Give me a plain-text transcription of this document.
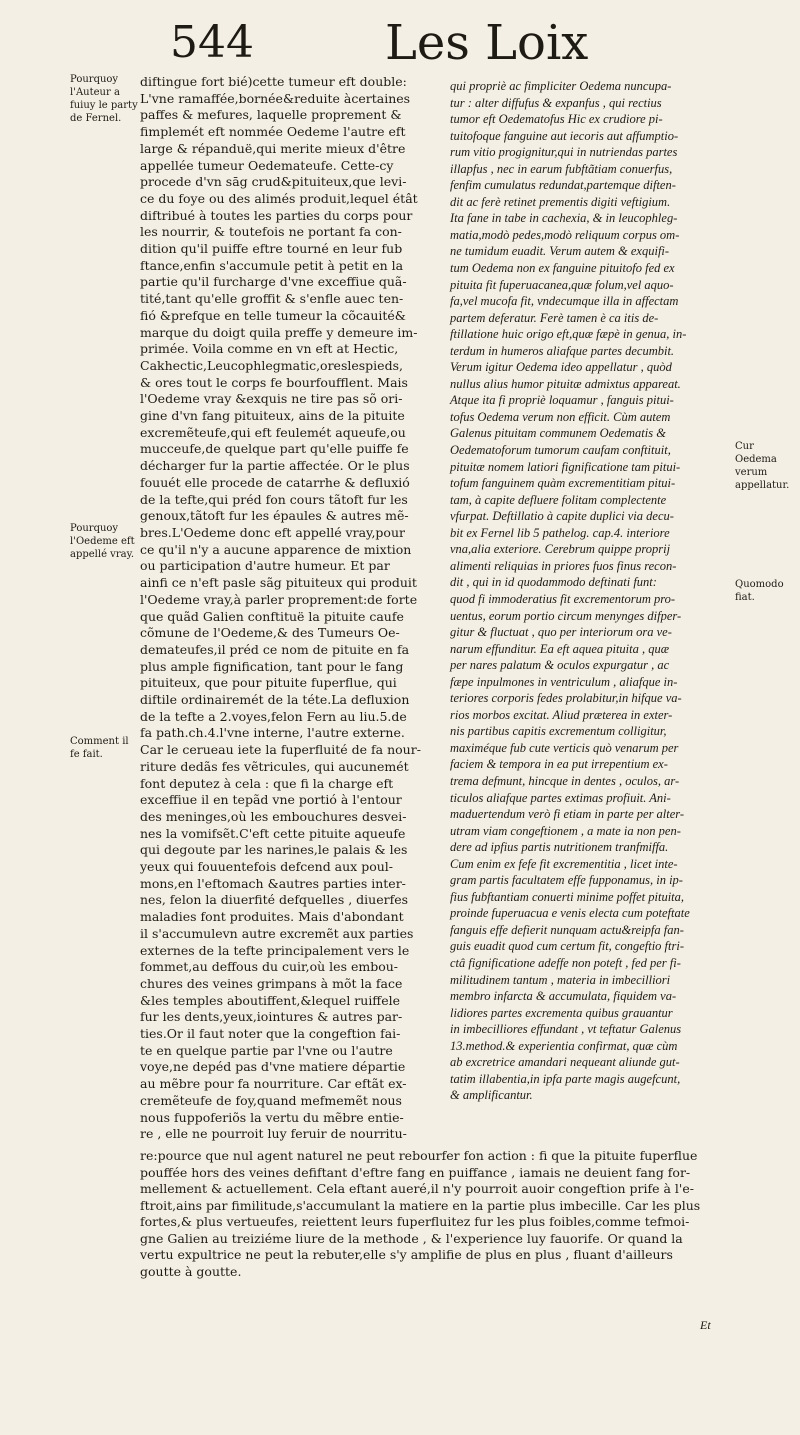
544	Les Loix

Pourquoy l'Auteur a fuiuy le party de Fernel.

Pourquoy l'Oedeme eft appellé vray.

Comment il fe fait.

diftingue fort bié)cette tumeur eft double:
L'vne ramaffée,bornée&reduite àcertaines
paffes & mefures, laquelle proprement &
fimplemét eft nommée Oedeme l'autre eft
large & répanduë,qui merite mieux d'être
appellée tumeur Oedemateufe. Cette-cy
procede d'vn sāg crud&pituiteux,que levi-
ce du foye ou des alimés produit,lequel étât
diftribué à toutes les parties du corps pour
les nourrir, & toutefois ne portant fa con-
dition qu'il puiffe eftre tourné en leur fub
ftance,enfin s'accumule petit à petit en la
partie qu'il furcharge d'vne exceffiue quã-
tité,tant qu'elle groffit & s'enfle auec ten-
fió &prefque en telle tumeur la cõcauité&
marque du doigt quila preffe y demeure im-
primée. Voila comme en vn eft at Hectic,
Cakhectic,Leucophlegmatic,oreslespieds,
& ores tout le corps fe bourfoufflent. Mais
l'Oedeme vray &exquis ne tire pas sõ ori-
gine d'vn fang pituiteux, ains de la pituite
excremẽteufe,qui eft feulemét aqueufe,ou
mucceufe,de quelque part qu'elle puiffe fe
décharger fur la partie affectée. Or le plus
fouuét elle procede de catarrhe & defluxió
de la tefte,qui préd fon cours tãtoft fur les
genoux,tãtoft fur les épaules & autres mẽ-
bres.L'Oedeme donc eft appellé vray,pour
ce qu'il n'y a aucune apparence de mixtion
ou participation d'autre humeur. Et par
ainfi ce n'eft pasle sãg pituiteux qui produit
l'Oedeme vray,à parler proprement:de forte
que quãd Galien conftituë la pituite caufe
cõmune de l'Oedeme,& des Tumeurs Oe-
demateufes,il préd ce nom de pituite en fa
plus ample fignification, tant pour le fang
pituiteux, que pour pituite fuperflue, qui
diftile ordinairemét de la téte.La defluxion
de la tefte a 2.voyes,felon Fern au liu.5.de
fa path.ch.4.l'vne interne, l'autre externe.
Car le cerueau iete la fuperfluité de fa nour-
riture dedãs fes vẽtricules, qui aucunemét
font deputez à cela : que fi la charge eft
exceffiue il en tepãd vne portió à l'entour
des meninges,où les embouchures desvei-
nes la vomifsẽt.C'eft cette pituite aqueufe
qui degoute par les narines,le palais & les
yeux qui fouuentefois defcend aux poul-
mons,en l'eftomach &autres parties inter-
nes, felon la diuerfité defquelles , diuerfes
maladies font produites. Mais d'abondant
il s'accumulevn autre excremẽt aux parties
externes de la tefte principalement vers le
fommet,au deffous du cuir,où les embou-
chures des veines grimpans à mõt la face
&les temples aboutiffent,&lequel ruiffele
fur les dents,yeux,iointures & autres par-
ties.Or il faut noter que la congeftion fai-
te en quelque partie par l'vne ou l'autre
voye,ne depéd pas d'vne matiere départie
au mẽbre pour fa nourriture. Car eftãt ex-
cremẽteufe de foy,quand mefmemẽt nous
nous fuppoferiõs la vertu du mẽbre entie-
re , elle ne pourroit luy feruir de nourritu-

qui propriè ac fimpliciter Oedema nuncupa-
tur : alter diffufus & expanfus , qui rectius
tumor eft Oedematofus Hic ex crudiore pi-
tuitofoque fanguine aut iecoris aut affumptio-
rum vitio progignitur,qui in nutriendas partes
illapfus , nec in earum fubftãtiam conuerfus,
fenfim cumulatus redundat,partemque diften-
dit ac ferè retinet prementis digiti veftigium.
Ita fane in tabe in cachexia, & in leucophleg-
matia,modò pedes,modò reliquum corpus om-
ne tumidum euadit. Verum autem & exquifi-
tum Oedema non ex fanguine pituitofo fed ex
pituita fit fuperuacanea,quæ folum,vel aquo-
fa,vel mucofa fit, vndecumque illa in affectam
partem deferatur. Ferè tamen è ca itis de-
ftillatione huic origo eft,quæ fæpè in genua, in-
terdum in humeros aliafque partes decumbit.
Verum igitur Oedema ideo appellatur , quòd
nullus alius humor pituitæ admixtus appareat.
Atque ita fi propriè loquamur , fanguis pitui-
tofus Oedema verum non efficit. Cùm autem
Galenus pituitam communem Oedematis &
Oedematoforum tumorum caufam conftituit,
pituitæ nomem latiori fignificatione tam pitui-
tofum fanguinem quàm excrementitiam pitui-
tam, à capite defluere folitam complectente
vfurpat. Deftillatio à capite duplici via decu-
bit ex Fernel lib 5 pathelog. cap.4. interiore
vna,alia exteriore. Cerebrum quippe proprij
alimenti reliquias in priores fuos finus recon-
dit , qui in id quodammodo deftinati funt:
quod fi immoderatius fit excrementorum pro-
uentus, eorum portio circum menynges difper-
gitur & fluctuat , quo per interiorum ora ve-
narum effunditur. Ea eft aquea pituita , quæ
per nares palatum & oculos expurgatur , ac
fæpe inpulmones in ventriculum , aliafque in-
teriores corporis fedes prolabitur,in hifque va-
rios morbos excitat. Aliud præterea in exter-
nis partibus capitis excrementum colligitur,
maximéque fub cute verticis quò venarum per
faciem & tempora in ea put irrepentium ex-
trema defmunt, hincque in dentes , oculos, ar-
ticulos aliafque partes extimas profiuit. Ani-
maduertendum verò fi etiam in parte per alter-
utram viam congeftionem , a mate ia non pen-
dere ad ipfius partis nutritionem tranfmiffa.
Cum enim ex fefe fit excrementitia , licet inte-
gram partis facultatem effe fupponamus, in ip-
fius fubftantiam conuerti minime poffet pituita,
proinde fuperuacua e venis electa cum poteftate
fanguis effe defierit nunquam actu&reipfa fan-
guis euadit quod cum certum fit, congeftio ftri-
ctâ fignificatione adeffe non poteft , fed per fi-
militudinem tantum , materia in imbecilliori
membro infarcta & accumulata, fiquidem va-
lidiores partes excrementa quibus grauantur
in imbecilliores effundant , vt teftatur Galenus
13.method.& experientia confirmat, quæ cùm
ab excretrice amandari nequeant aliunde gut-
tatim illabentia,in ipfa parte magis augefcunt,
& amplificantur.

Cur Oedema verum appellatur.

Quomodo fiat.

re:pource que nul agent naturel ne peut rebourfer fon action : fi que la pituite fuperflue
pouffée hors des veines defiftant d'eftre fang en puiffance , iamais ne deuient fang for-
mellement & actuellement. Cela eftant aueré,il n'y pourroit auoir congeftion prife à l'e-
ftroit,ains par fimilitude,s'accumulant la matiere en la partie plus imbecille. Car les plus
fortes,& plus vertueufes, reiettent leurs fuperfluitez fur les plus foibles,comme tefmoi-
gne Galien au treiziéme liure de la methode , & l'experience luy fauorife. Or quand la
vertu expultrice ne peut la rebuter,elle s'y amplifie de plus en plus , fluant d'ailleurs
goutte à goutte.

Et
